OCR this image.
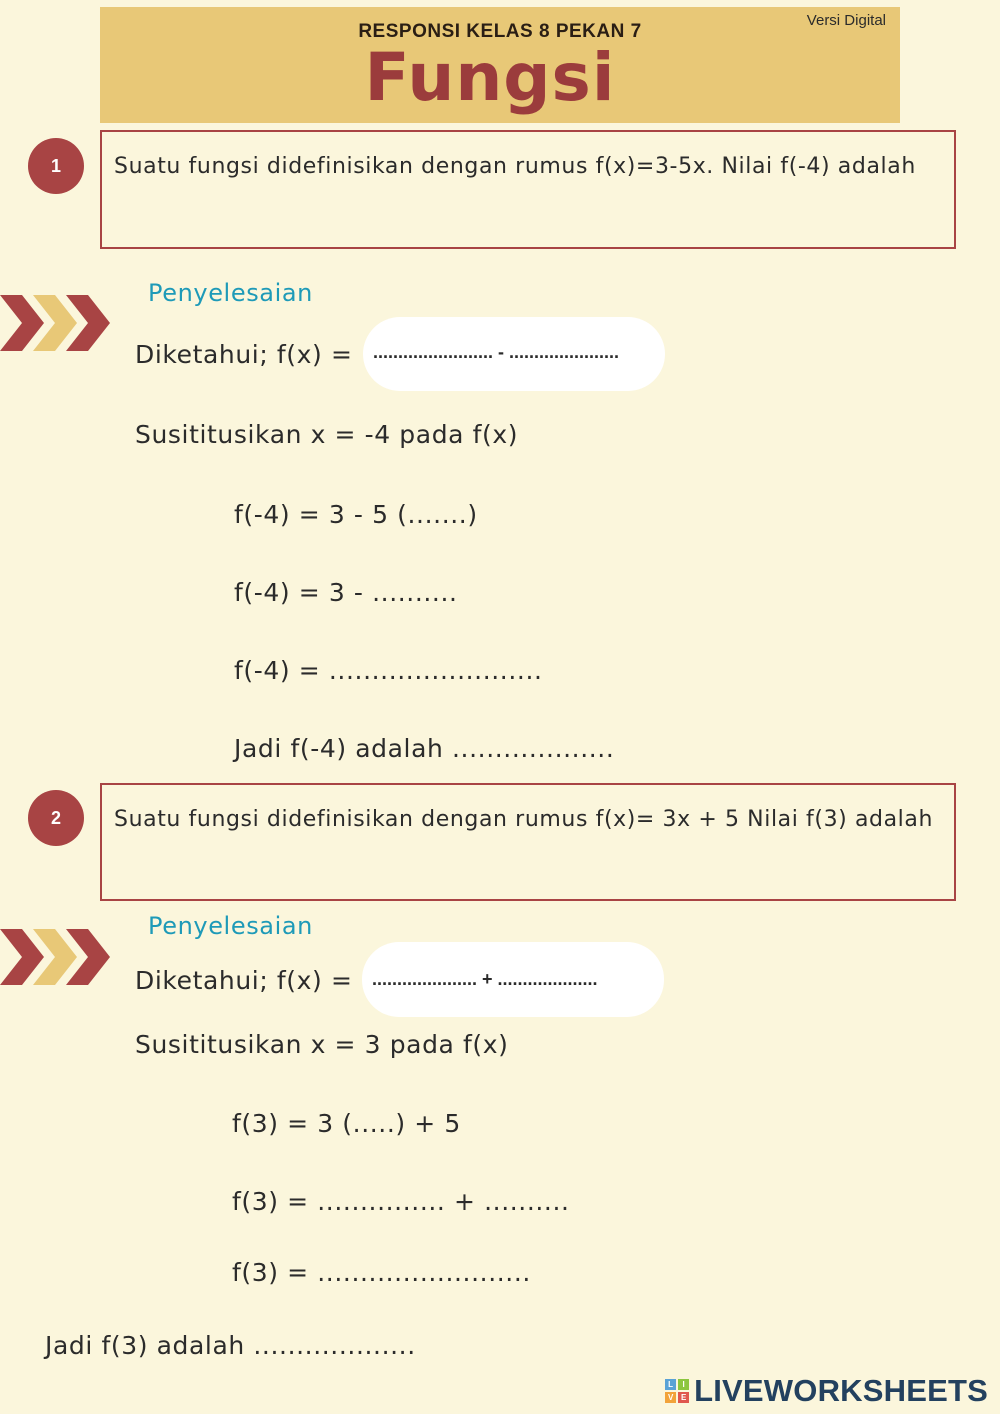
RESPONSI KELAS 8 PEKAN 7
Fungsi
Versi Digital
1	Suatu fungsi didefinisikan dengan rumus f(x)=3-5x. Nilai f(-4) adalah
Penyelesaian
Diketahui; f(x) =	........................ - ......................
Susititusikan x = -4 pada f(x)
f(-4) = 3 - 5 (.......)
f(-4) = 3 - ..........
f(-4) = .........................
Jadi f(-4) adalah ...................
2	Suatu fungsi didefinisikan dengan rumus f(x)= 3x + 5 Nilai f(3) adalah
Penyelesaian
Diketahui; f(x) =	..................... + ....................
Susititusikan x = 3 pada f(x)
f(3) = 3 (.....) + 5
f(3) = ............... + ..........
f(3) = .........................
Jadi f(3) adalah ...................
L	I
V E LIVEWORKSHEETS
